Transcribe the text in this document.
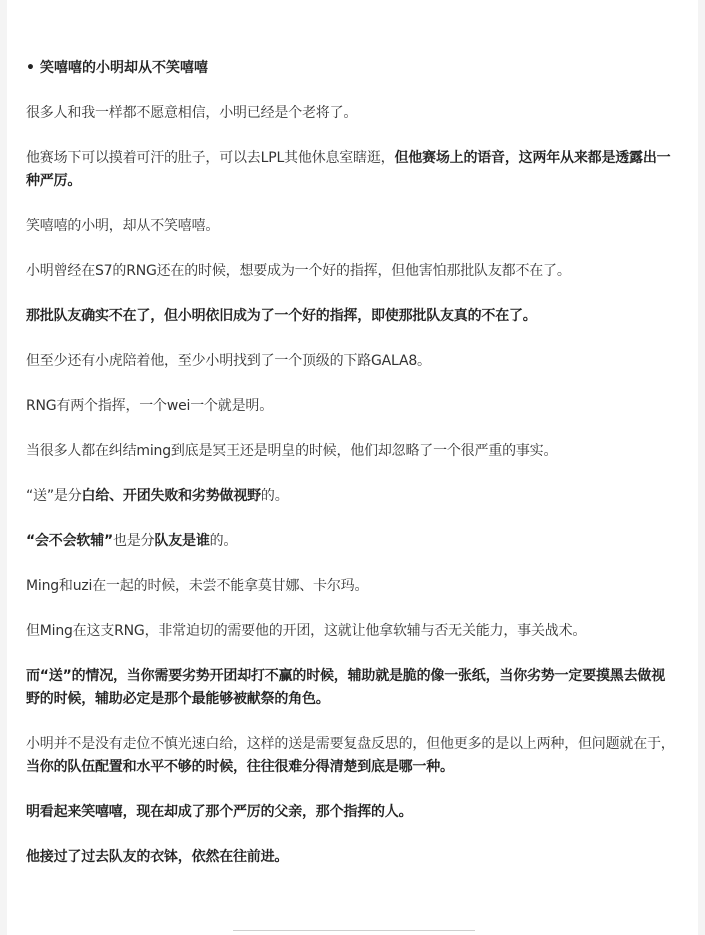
• 笑嘻嘻的小明却从不笑嘻嘻

很多人和我一样都不愿意相信，小明已经是个老将了。

他赛场下可以摸着可汗的肚子，可以去LPL其他休息室瞎逛，但他赛场上的语音，这两年从来都是透露出一种严厉。

笑嘻嘻的小明，却从不笑嘻嘻。

小明曾经在S7的RNG还在的时候，想要成为一个好的指挥，但他害怕那批队友都不在了。

那批队友确实不在了，但小明依旧成为了一个好的指挥，即使那批队友真的不在了。

但至少还有小虎陪着他，至少小明找到了一个顶级的下路GALA8。

RNG有两个指挥，一个wei一个就是明。

当很多人都在纠结ming到底是冥王还是明皇的时候，他们却忽略了一个很严重的事实。

“送”是分白给、开团失败和劣势做视野的。

“会不会软辅”也是分队友是谁的。

Ming和uzi在一起的时候，未尝不能拿莫甘娜、卡尔玛。

但Ming在这支RNG，非常迫切的需要他的开团，这就让他拿软辅与否无关能力，事关战术。

而“送”的情况，当你需要劣势开团却打不赢的时候，辅助就是脆的像一张纸，当你劣势一定要摸黑去做视野的时候，辅助必定是那个最能够被献祭的角色。

小明并不是没有走位不慎光速白给，这样的送是需要复盘反思的，但他更多的是以上两种，但问题就在于，当你的队伍配置和水平不够的时候，往往很难分得清楚到底是哪一种。

明看起来笑嘻嘻，现在却成了那个严厉的父亲，那个指挥的人。

他接过了过去队友的衣钵，依然在往前进。
